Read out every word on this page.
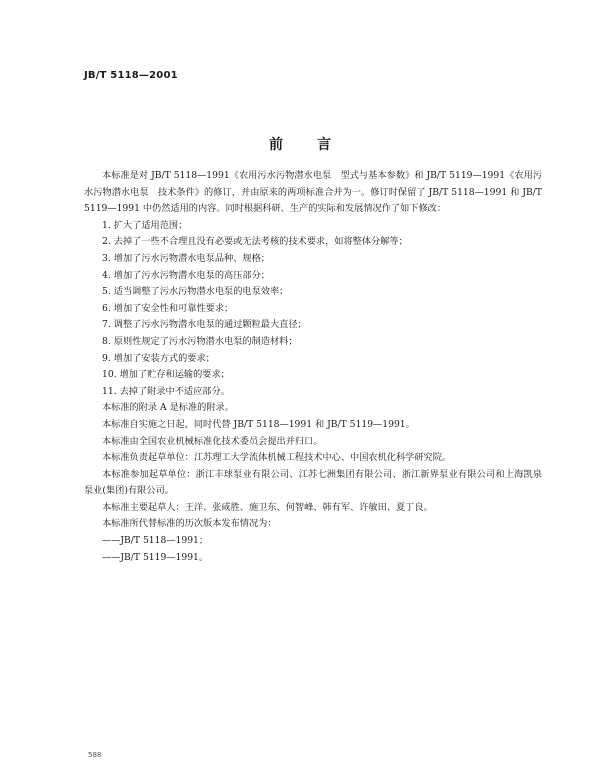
JB/T 5118—2001
前言

本标准是对 JB/T 5118—1991《农用污水污物潜水电泵　型式与基本参数》和 JB/T 5119—1991《农用污水污物潜水电泵　技术条件》的修订，并由原来的两项标准合并为一。修订时保留了 JB/T 5118—1991 和 JB/T 5119—1991 中仍然适用的内容。同时根据科研、生产的实际和发展情况作了如下修改：

1. 扩大了适用范围；

2. 去掉了一些不合理且没有必要或无法考核的技术要求，如将整体分解等；

3. 增加了污水污物潜水电泵品种、规格；

4. 增加了污水污物潜水电泵的高压部分；

5. 适当调整了污水污物潜水电泵的电泵效率；

6. 增加了安全性和可靠性要求；

7. 调整了污水污物潜水电泵的通过颗粒最大直径；

8. 原则性规定了污水污物潜水电泵的制造材料；

9. 增加了安装方式的要求；

10. 增加了贮存和运输的要求；

11. 去掉了附录中不适应部分。

本标准的附录 A 是标准的附录。

本标准自实施之日起，同时代替 JB/T 5118—1991 和 JB/T 5119—1991。

本标准由全国农业机械标准化技术委员会提出并归口。

本标准负责起草单位：江苏理工大学流体机械工程技术中心、中国农机化科学研究院。

本标准参加起草单位：浙江丰球泵业有限公司、江苏七洲集团有限公司、浙江新界泵业有限公司和上海凯泉泵业(集团)有限公司。

本标准主要起草人：王洋、张咸胜、施卫东、何智峰、韩有军、许敏田、夏丁良。

本标准所代替标准的历次版本发布情况为：

——JB/T 5118—1991；

——JB/T 5119—1991。

588
